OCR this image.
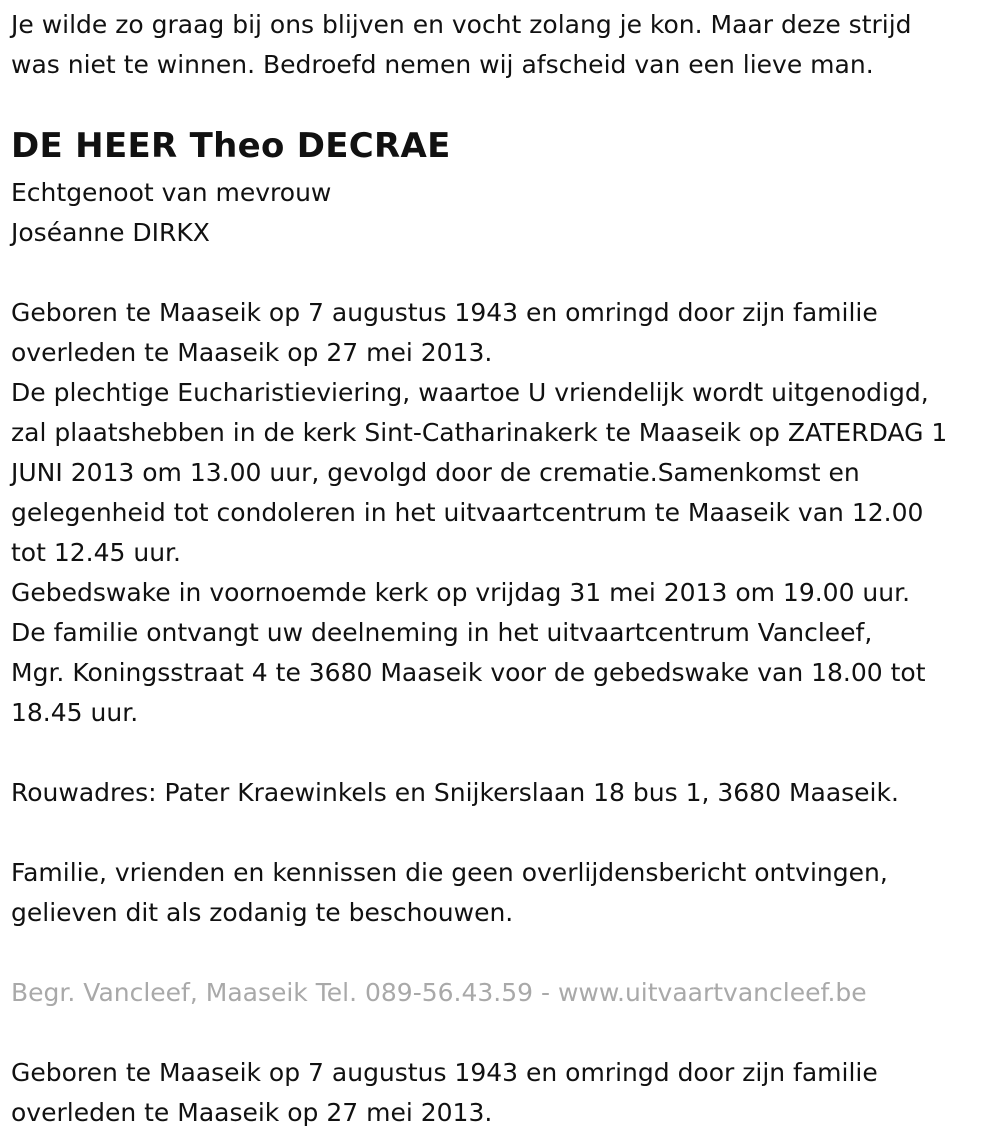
Je wilde zo graag bij ons blijven en vocht zolang je kon. Maar deze strijd
was niet te winnen. Bedroefd nemen wij afscheid van een lieve man.
DE HEER Theo DECRAE
Echtgenoot van mevrouw
Joséanne DIRKX
Geboren te Maaseik op 7 augustus 1943 en omringd door zijn familie
overleden te Maaseik op 27 mei 2013.
De plechtige Eucharistieviering, waartoe U vriendelijk wordt uitgenodigd,
zal plaatshebben in de kerk Sint-Catharinakerk te Maaseik op ZATERDAG 1
JUNI 2013 om 13.00 uur, gevolgd door de crematie.Samenkomst en
gelegenheid tot condoleren in het uitvaartcentrum te Maaseik van 12.00
tot 12.45 uur.
Gebedswake in voornoemde kerk op vrijdag 31 mei 2013 om 19.00 uur.
De familie ontvangt uw deelneming in het uitvaartcentrum Vancleef,
Mgr. Koningsstraat 4 te 3680 Maaseik voor de gebedswake van 18.00 tot
18.45 uur.
Rouwadres: Pater Kraewinkels en Snijkerslaan 18 bus 1, 3680 Maaseik.
Familie, vrienden en kennissen die geen overlijdensbericht ontvingen,
gelieven dit als zodanig te beschouwen.
Begr. Vancleef, Maaseik Tel. 089-56.43.59 - www.uitvaartvancleef.be
Geboren te Maaseik op 7 augustus 1943 en omringd door zijn familie
overleden te Maaseik op 27 mei 2013.
